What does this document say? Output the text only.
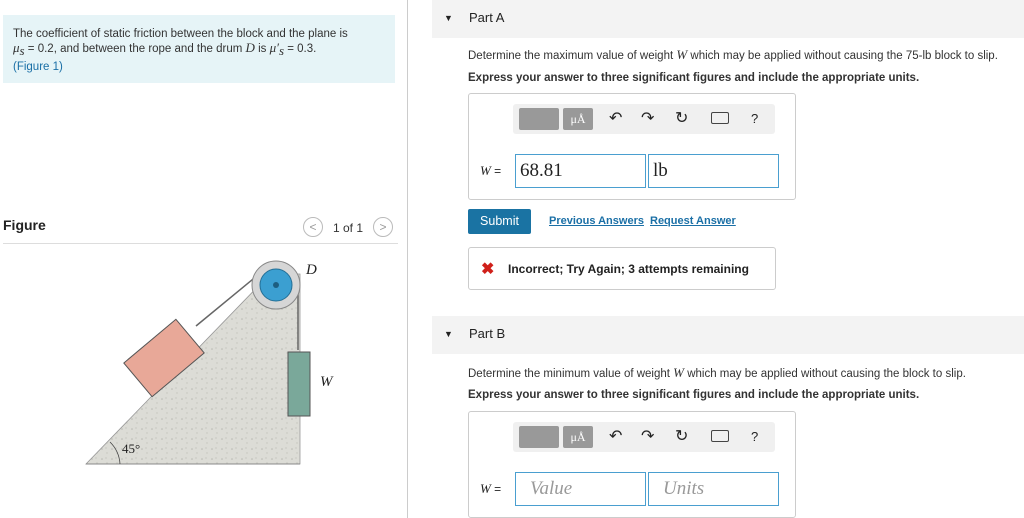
The coefficient of static friction between the block and the plane is
$\mu_s = 0.2$, and between the rope and the drum D is $\mu'_s = 0.3$.
(Figure 1)
Figure	<	1 of 1	>
D
W
45°
▼ Part A
Determine the maximum value of weight W which may be applied without causing the 75-lb block to slip.
Express your answer to three significant figures and include the appropriate units.
μÅ	↶ ↷ ↻	?
W = 68.81	lb
Submit	Previous Answers Request Answer
✖ Incorrect; Try Again; 3 attempts remaining
▼ Part B
Determine the minimum value of weight W which may be applied without causing the block to slip.
Express your answer to three significant figures and include the appropriate units.
μÅ	↶ ↷ ↻	?
W =	Value	Units
